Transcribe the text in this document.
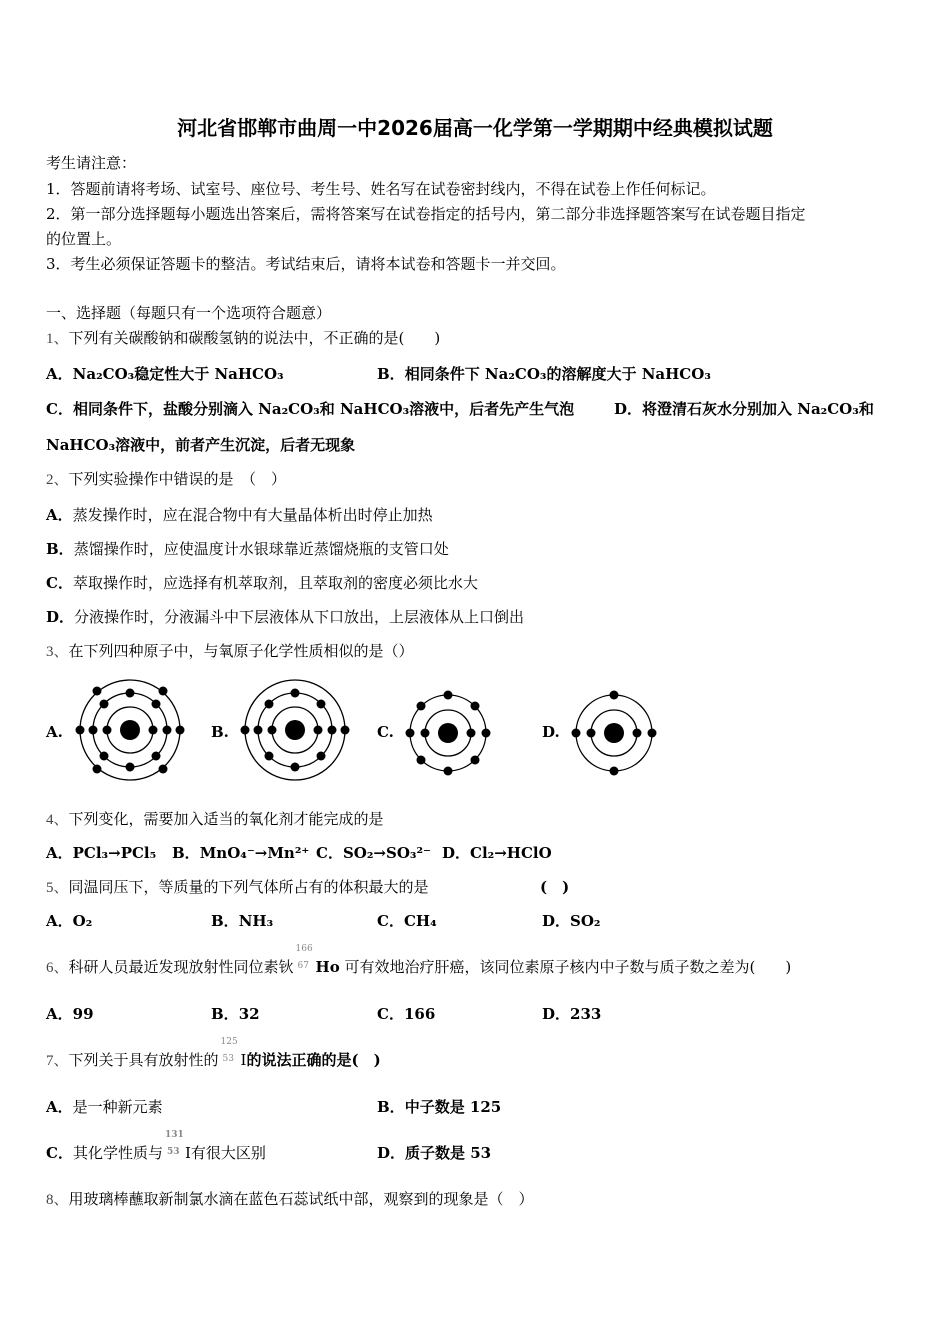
河北省邯郸市曲周一中2026届高一化学第一学期期中经典模拟试题
考生请注意：
1．答题前请将考场、试室号、座位号、考生号、姓名写在试卷密封线内，不得在试卷上作任何标记。
2．第一部分选择题每小题选出答案后，需将答案写在试卷指定的括号内，第二部分非选择题答案写在试卷题目指定
的位置上。
3．考生必须保证答题卡的整洁。考试结束后，请将本试卷和答题卡一并交回。
一、选择题（每题只有一个选项符合题意）
1、下列有关碳酸钠和碳酸氢钠的说法中，不正确的是(　　)
A．Na₂CO₃稳定性大于 NaHCO₃	B．相同条件下 Na₂CO₃的溶解度大于 NaHCO₃
C．相同条件下，盐酸分别滴入 Na₂CO₃和 NaHCO₃溶液中，后者先产生气泡	D．将澄清石灰水分别加入 Na₂CO₃和
NaHCO₃溶液中，前者产生沉淀，后者无现象
2、下列实验操作中错误的是　（　）
A．蒸发操作时，应在混合物中有大量晶体析出时停止加热
B．蒸馏操作时，应使温度计水银球靠近蒸馏烧瓶的支管口处
C．萃取操作时，应选择有机萃取剂，且萃取剂的密度必须比水大
D．分液操作时，分液漏斗中下层液体从下口放出，上层液体从上口倒出
3、在下列四种原子中，与氧原子化学性质相似的是（）
A.	B.	C.	D.
4、下列变化，需要加入适当的氧化剂才能完成的是
A．PCl₃→PCl₅ B．MnO₄⁻→Mn²⁺ C．SO₂→SO₃²⁻ D．Cl₂→HClO
5、同温同压下，等质量的下列气体所占有的体积最大的是	(　)
A．O₂	B．NH₃	C．CH₄	D．SO₂
6、科研人员最近发现放射性同位素钬
166
67 Ho 可有效地治疗肝癌，该同位素原子核内中子数与质子数之差为(　　)
A．99	B．32	C．166	D．233
7、下列关于具有放射性的
125
53 I的说法正确的是(　)
A．是一种新元素	B．中子数是 125
C．其化学性质与
131
53 I有很大区别	D．质子数是 53
8、用玻璃棒蘸取新制氯水滴在蓝色石蕊试纸中部，观察到的现象是（　）
